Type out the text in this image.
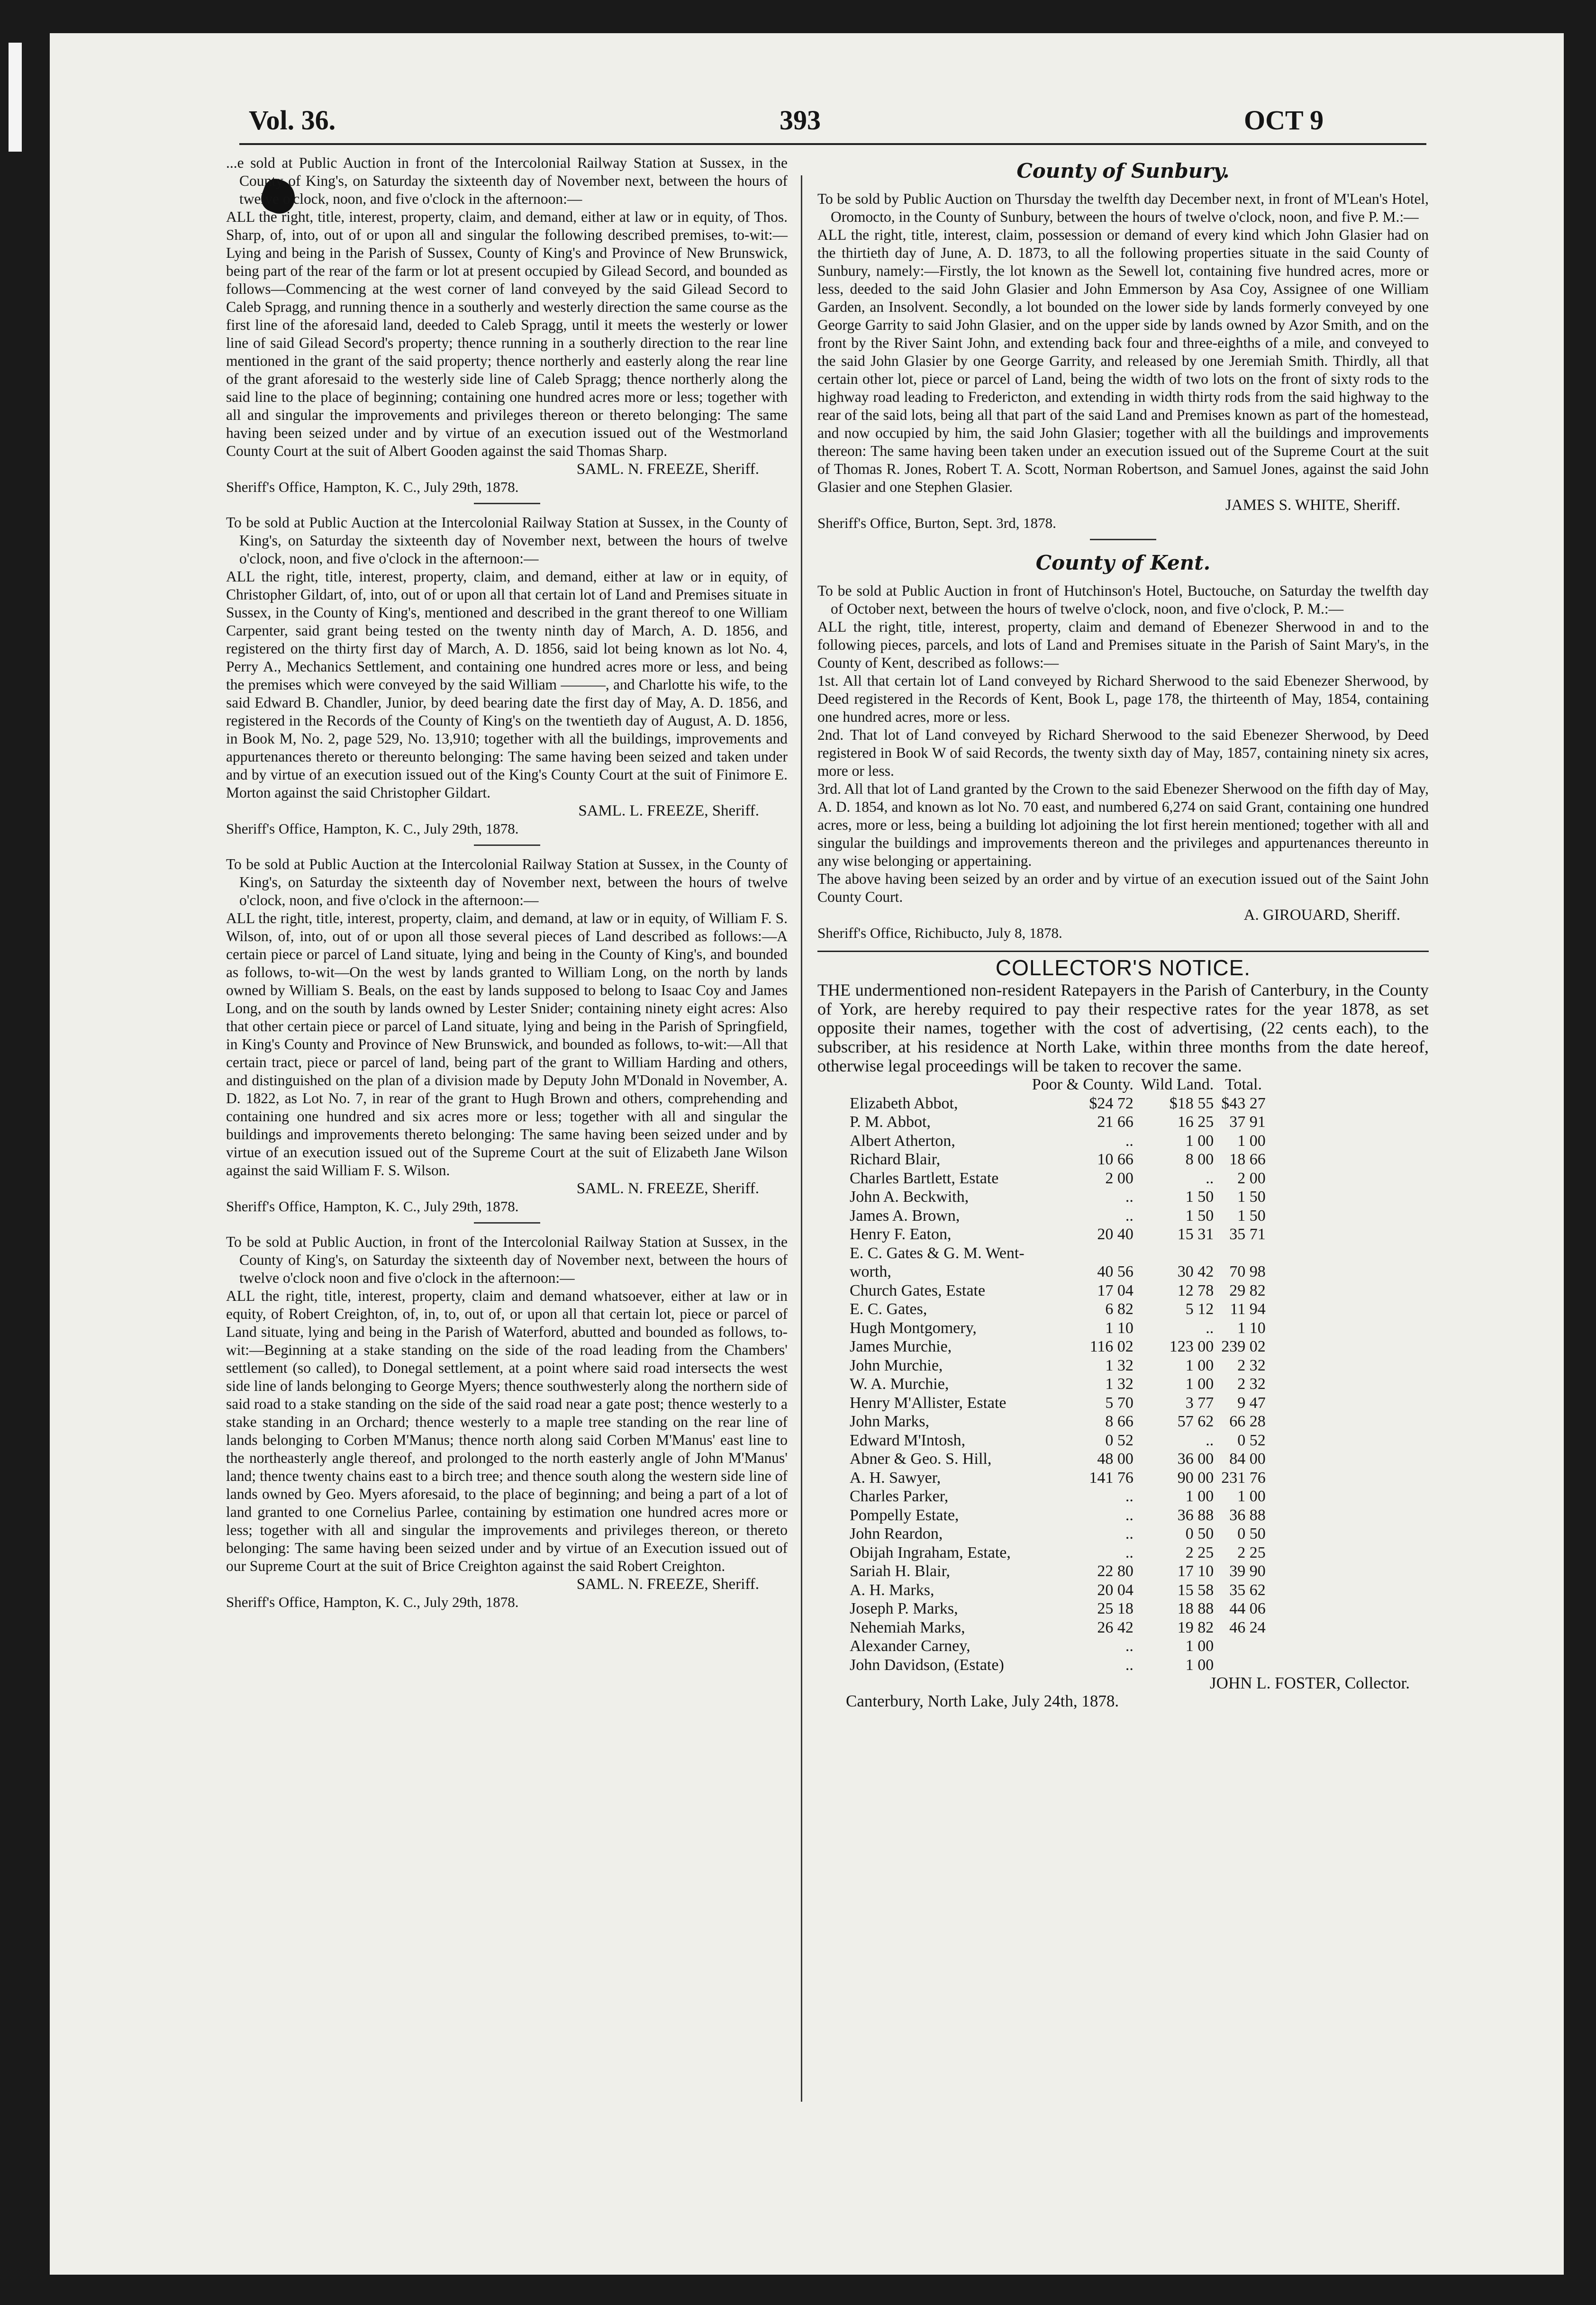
Vol. 36.	393	OCT 9

...e sold at Public Auction in front of the Intercolonial Railway Station at Sussex, in the County of King's, on Saturday the sixteenth day of November next, between the hours of twelve o'clock, noon, and five o'clock in the afternoon:—

ALL the right, title, interest, property, claim, and demand, either at law or in equity, of Thos. Sharp, of, into, out of or upon all and singular the following described premises, to-wit:—Lying and being in the Parish of Sussex, County of King's and Province of New Brunswick, being part of the rear of the farm or lot at present occupied by Gilead Secord, and bounded as follows—Commencing at the west corner of land conveyed by the said Gilead Secord to Caleb Spragg, and running thence in a southerly and westerly direction the same course as the first line of the aforesaid land, deeded to Caleb Spragg, until it meets the westerly or lower line of said Gilead Secord's property; thence running in a southerly direction to the rear line mentioned in the grant of the said property; thence northerly and easterly along the rear line of the grant aforesaid to the westerly side line of Caleb Spragg; thence northerly along the said line to the place of beginning; containing one hundred acres more or less; together with all and singular the improvements and privileges thereon or thereto belonging: The same having been seized under and by virtue of an execution issued out of the Westmorland County Court at the suit of Albert Gooden against the said Thomas Sharp.

SAML. N. FREEZE, Sheriff.

Sheriff's Office, Hampton, K. C., July 29th, 1878.

To be sold at Public Auction at the Intercolonial Railway Station at Sussex, in the County of King's, on Saturday the sixteenth day of November next, between the hours of twelve o'clock, noon, and five o'clock in the afternoon:—

ALL the right, title, interest, property, claim, and demand, either at law or in equity, of Christopher Gildart, of, into, out of or upon all that certain lot of Land and Premises situate in Sussex, in the County of King's, mentioned and described in the grant thereof to one William Carpenter, said grant being tested on the twenty ninth day of March, A. D. 1856, and registered on the thirty first day of March, A. D. 1856, said lot being known as lot No. 4, Perry A., Mechanics Settlement, and containing one hundred acres more or less, and being the premises which were conveyed by the said William ———, and Charlotte his wife, to the said Edward B. Chandler, Junior, by deed bearing date the first day of May, A. D. 1856, and registered in the Records of the County of King's on the twentieth day of August, A. D. 1856, in Book M, No. 2, page 529, No. 13,910; together with all the buildings, improvements and appurtenances thereto or thereunto belonging: The same having been seized and taken under and by virtue of an execution issued out of the King's County Court at the suit of Finimore E. Morton against the said Christopher Gildart.

SAML. L. FREEZE, Sheriff.

Sheriff's Office, Hampton, K. C., July 29th, 1878.

To be sold at Public Auction at the Intercolonial Railway Station at Sussex, in the County of King's, on Saturday the sixteenth day of November next, between the hours of twelve o'clock, noon, and five o'clock in the afternoon:—

ALL the right, title, interest, property, claim, and demand, at law or in equity, of William F. S. Wilson, of, into, out of or upon all those several pieces of Land described as follows:—A certain piece or parcel of Land situate, lying and being in the County of King's, and bounded as follows, to-wit—On the west by lands granted to William Long, on the north by lands owned by William S. Beals, on the east by lands supposed to belong to Isaac Coy and James Long, and on the south by lands owned by Lester Snider; containing ninety eight acres: Also that other certain piece or parcel of Land situate, lying and being in the Parish of Springfield, in King's County and Province of New Brunswick, and bounded as follows, to-wit:—All that certain tract, piece or parcel of land, being part of the grant to William Harding and others, and distinguished on the plan of a division made by Deputy John M'Donald in November, A. D. 1822, as Lot No. 7, in rear of the grant to Hugh Brown and others, comprehending and containing one hundred and six acres more or less; together with all and singular the buildings and improvements thereto belonging: The same having been seized under and by virtue of an execution issued out of the Supreme Court at the suit of Elizabeth Jane Wilson against the said William F. S. Wilson.

SAML. N. FREEZE, Sheriff.

Sheriff's Office, Hampton, K. C., July 29th, 1878.

To be sold at Public Auction, in front of the Intercolonial Railway Station at Sussex, in the County of King's, on Saturday the sixteenth day of November next, between the hours of twelve o'clock noon and five o'clock in the afternoon:—

ALL the right, title, interest, property, claim and demand whatsoever, either at law or in equity, of Robert Creighton, of, in, to, out of, or upon all that certain lot, piece or parcel of Land situate, lying and being in the Parish of Waterford, abutted and bounded as follows, to-wit:—Beginning at a stake standing on the side of the road leading from the Chambers' settlement (so called), to Donegal settlement, at a point where said road intersects the west side line of lands belonging to George Myers; thence southwesterly along the northern side of said road to a stake standing on the side of the said road near a gate post; thence westerly to a stake standing in an Orchard; thence westerly to a maple tree standing on the rear line of lands belonging to Corben M'Manus; thence north along said Corben M'Manus' east line to the northeasterly angle thereof, and prolonged to the north easterly angle of John M'Manus' land; thence twenty chains east to a birch tree; and thence south along the western side line of lands owned by Geo. Myers aforesaid, to the place of beginning; and being a part of a lot of land granted to one Cornelius Parlee, containing by estimation one hundred acres more or less; together with all and singular the improvements and privileges thereon, or thereto belonging: The same having been seized under and by virtue of an Execution issued out of our Supreme Court at the suit of Brice Creighton against the said Robert Creighton.

SAML. N. FREEZE, Sheriff.

Sheriff's Office, Hampton, K. C., July 29th, 1878.

County of Sunbury.

To be sold by Public Auction on Thursday the twelfth day December next, in front of M'Lean's Hotel, Oromocto, in the County of Sunbury, between the hours of twelve o'clock, noon, and five P. M.:—

ALL the right, title, interest, claim, possession or demand of every kind which John Glasier had on the thirtieth day of June, A. D. 1873, to all the following properties situate in the said County of Sunbury, namely:—Firstly, the lot known as the Sewell lot, containing five hundred acres, more or less, deeded to the said John Glasier and John Emmerson by Asa Coy, Assignee of one William Garden, an Insolvent. Secondly, a lot bounded on the lower side by lands formerly conveyed by one George Garrity to said John Glasier, and on the upper side by lands owned by Azor Smith, and on the front by the River Saint John, and extending back four and three-eighths of a mile, and conveyed to the said John Glasier by one George Garrity, and released by one Jeremiah Smith. Thirdly, all that certain other lot, piece or parcel of Land, being the width of two lots on the front of sixty rods to the highway road leading to Fredericton, and extending in width thirty rods from the said highway to the rear of the said lots, being all that part of the said Land and Premises known as part of the homestead, and now occupied by him, the said John Glasier; together with all the buildings and improvements thereon: The same having been taken under an execution issued out of the Supreme Court at the suit of Thomas R. Jones, Robert T. A. Scott, Norman Robertson, and Samuel Jones, against the said John Glasier and one Stephen Glasier.

JAMES S. WHITE, Sheriff.

Sheriff's Office, Burton, Sept. 3rd, 1878.

County of Kent.

To be sold at Public Auction in front of Hutchinson's Hotel, Buctouche, on Saturday the twelfth day of October next, between the hours of twelve o'clock, noon, and five o'clock, P. M.:—

ALL the right, title, interest, property, claim and demand of Ebenezer Sherwood in and to the following pieces, parcels, and lots of Land and Premises situate in the Parish of Saint Mary's, in the County of Kent, described as follows:—

1st. All that certain lot of Land conveyed by Richard Sherwood to the said Ebenezer Sherwood, by Deed registered in the Records of Kent, Book L, page 178, the thirteenth of May, 1854, containing one hundred acres, more or less.

2nd. That lot of Land conveyed by Richard Sherwood to the said Ebenezer Sherwood, by Deed registered in Book W of said Records, the twenty sixth day of May, 1857, containing ninety six acres, more or less.

3rd. All that lot of Land granted by the Crown to the said Ebenezer Sherwood on the fifth day of May, A. D. 1854, and known as lot No. 70 east, and numbered 6,274 on said Grant, containing one hundred acres, more or less, being a building lot adjoining the lot first herein mentioned; together with all and singular the buildings and improvements thereon and the privileges and appurtenances thereunto in any wise belonging or appertaining.

The above having been seized by an order and by virtue of an execution issued out of the Saint John County Court.

A. GIROUARD, Sheriff.

Sheriff's Office, Richibucto, July 8, 1878.

COLLECTOR'S NOTICE.

THE undermentioned non-resident Ratepayers in the Parish of Canterbury, in the County of York, are hereby required to pay their respective rates for the year 1878, as set opposite their names, together with the cost of advertising, (22 cents each), to the subscriber, at his residence at North Lake, within three months from the date hereof, otherwise legal proceedings will be taken to recover the same.

	Poor & County.	Wild Land.	Total.
Elizabeth Abbot,	$24 72	$18 55	$43 27
P. M. Abbot,	21 66	16 25	37 91
Albert Atherton,	..	1 00	1 00
Richard Blair,	10 66	8 00	18 66
Charles Bartlett, Estate	2 00	..	2 00
John A. Beckwith,	..	1 50	1 50
James A. Brown,	..	1 50	1 50
Henry F. Eaton,	20 40	15 31	35 71
E. C. Gates & G. M. Went-			
worth,	40 56	30 42	70 98
Church Gates, Estate	17 04	12 78	29 82
E. C. Gates,	6 82	5 12	11 94
Hugh Montgomery,	1 10	..	1 10
James Murchie,	116 02	123 00	239 02
John Murchie,	1 32	1 00	2 32
W. A. Murchie,	1 32	1 00	2 32
Henry M'Allister, Estate	5 70	3 77	9 47
John Marks,	8 66	57 62	66 28
Edward M'Intosh,	0 52	..	0 52
Abner & Geo. S. Hill,	48 00	36 00	84 00
A. H. Sawyer,	141 76	90 00	231 76
Charles Parker,	..	1 00	1 00
Pompelly Estate,	..	36 88	36 88
John Reardon,	..	0 50	0 50
Obijah Ingraham, Estate,	..	2 25	2 25
Sariah H. Blair,	22 80	17 10	39 90
A. H. Marks,	20 04	15 58	35 62
Joseph P. Marks,	25 18	18 88	44 06
Nehemiah Marks,	26 42	19 82	46 24
Alexander Carney,	..	1 00	
John Davidson, (Estate)	..	1 00	

JOHN L. FOSTER, Collector.

Canterbury, North Lake, July 24th, 1878.
